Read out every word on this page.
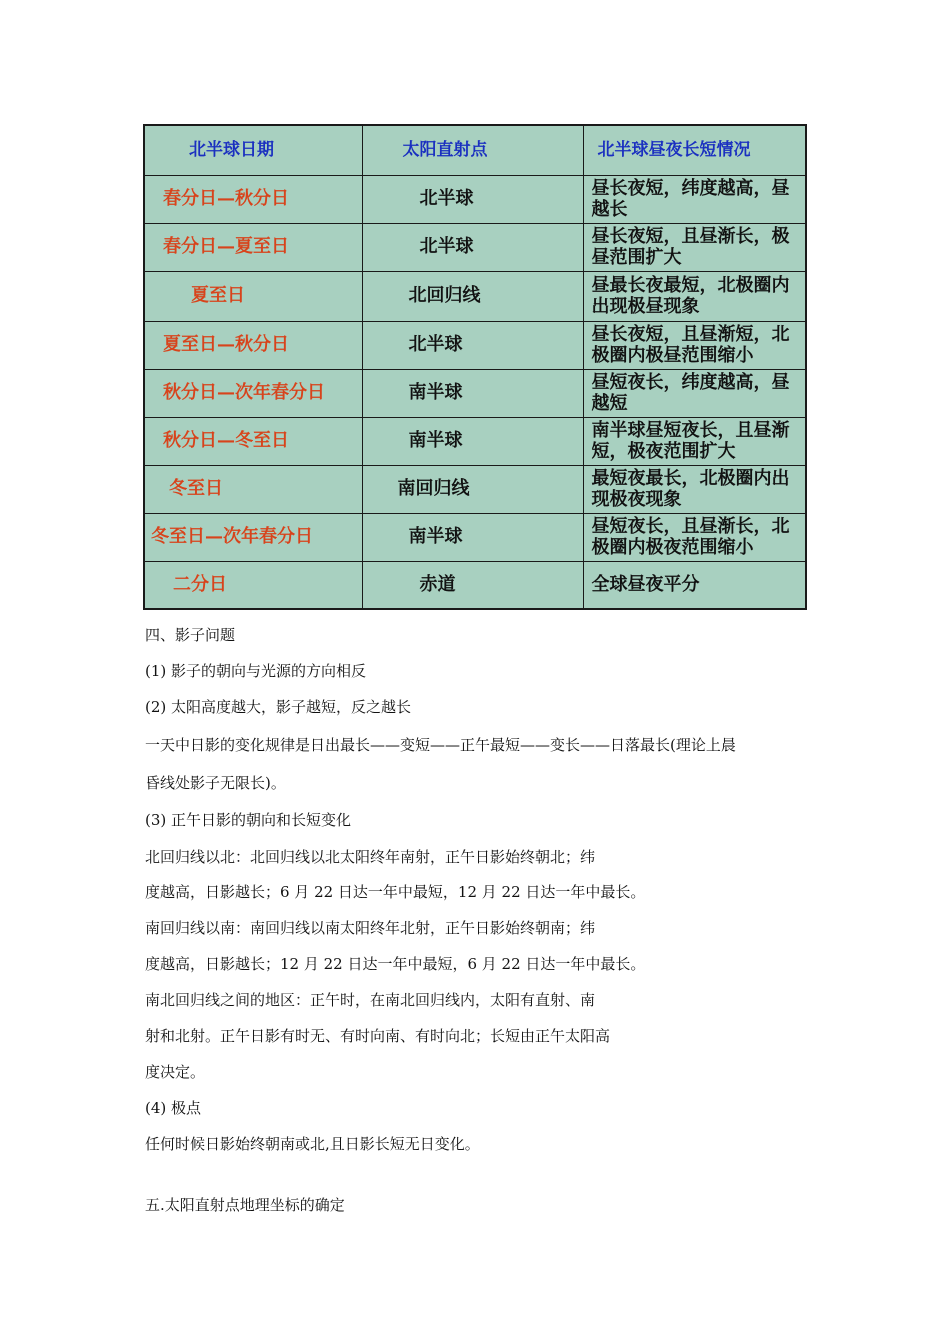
北半球日期	太阳直射点	北半球昼夜长短情况
春分日—秋分日	北半球	昼长夜短，纬度越高，昼越长
春分日—夏至日	北半球	昼长夜短，且昼渐长，极昼范围扩大
夏至日	北回归线	昼最长夜最短，北极圈内出现极昼现象
夏至日—秋分日	北半球	昼长夜短，且昼渐短，北极圈内极昼范围缩小
秋分日—次年春分日	南半球	昼短夜长，纬度越高，昼越短
秋分日—冬至日	南半球	南半球昼短夜长，且昼渐短，极夜范围扩大
冬至日	南回归线	最短夜最长，北极圈内出现极夜现象
冬至日—次年春分日	南半球	昼短夜长，且昼渐长，北极圈内极夜范围缩小
二分日	赤道	全球昼夜平分
四、影子问题
(1) 影子的朝向与光源的方向相反
(2) 太阳高度越大，影子越短，反之越长
一天中日影的变化规律是日出最长——变短——正午最短——变长——日落最长(理论上晨
昏线处影子无限长)。
(3) 正午日影的朝向和长短变化
北回归线以北：北回归线以北太阳终年南射，正午日影始终朝北；纬
度越高，日影越长；6 月 22 日达一年中最短，12 月 22 日达一年中最长。
南回归线以南：南回归线以南太阳终年北射，正午日影始终朝南；纬
度越高，日影越长；12 月 22 日达一年中最短，6 月 22 日达一年中最长。
南北回归线之间的地区：正午时，在南北回归线内，太阳有直射、南
射和北射。正午日影有时无、有时向南、有时向北；长短由正午太阳高
度决定。
(4) 极点
任何时候日影始终朝南或北,且日影长短无日变化。
五.太阳直射点地理坐标的确定
